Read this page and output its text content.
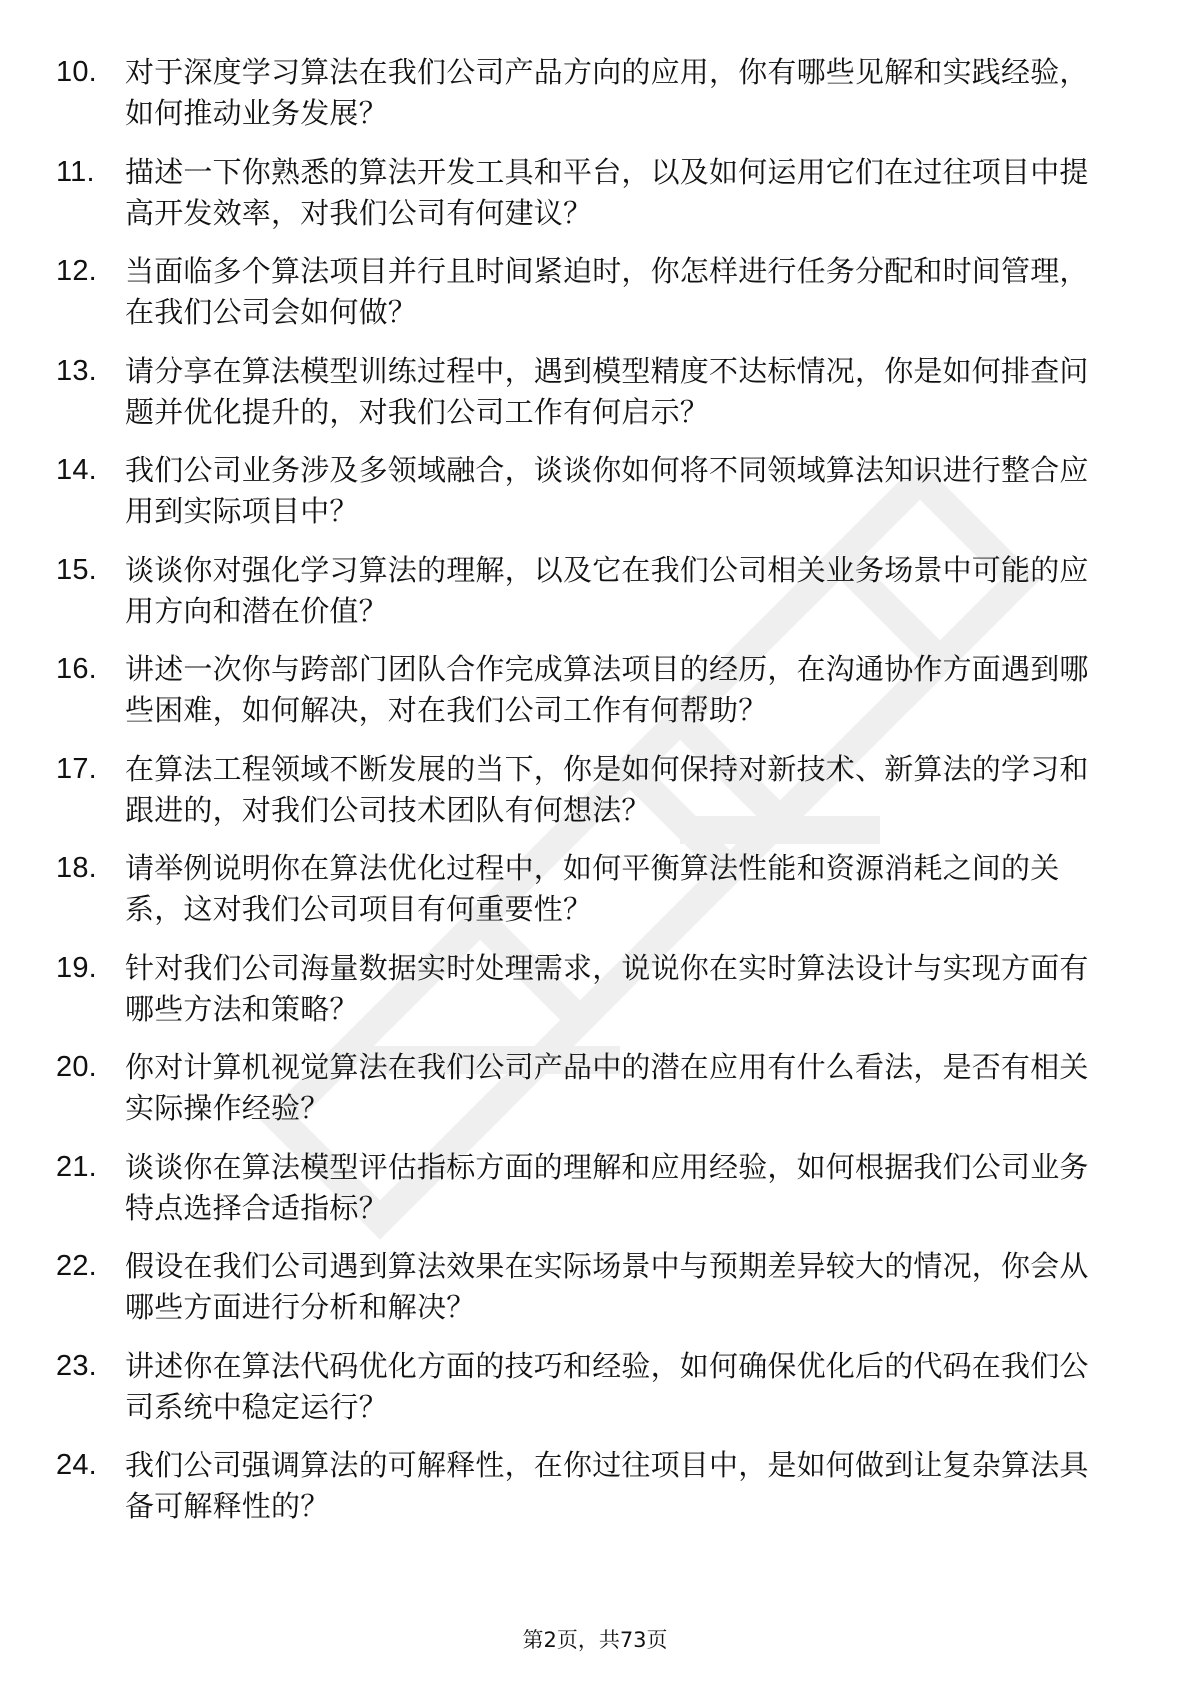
10. 对于深度学习算法在我们公司产品方向的应用，你有哪些见解和实践经验，如何推动业务发展？
11. 描述一下你熟悉的算法开发工具和平台，以及如何运用它们在过往项目中提高开发效率，对我们公司有何建议？
12. 当面临多个算法项目并行且时间紧迫时，你怎样进行任务分配和时间管理，在我们公司会如何做？
13. 请分享在算法模型训练过程中，遇到模型精度不达标情况，你是如何排查问题并优化提升的，对我们公司工作有何启示？
14. 我们公司业务涉及多领域融合，谈谈你如何将不同领域算法知识进行整合应用到实际项目中？
15. 谈谈你对强化学习算法的理解，以及它在我们公司相关业务场景中可能的应用方向和潜在价值？
16. 讲述一次你与跨部门团队合作完成算法项目的经历，在沟通协作方面遇到哪些困难，如何解决，对在我们公司工作有何帮助？
17. 在算法工程领域不断发展的当下，你是如何保持对新技术、新算法的学习和跟进的，对我们公司技术团队有何想法？
18. 请举例说明你在算法优化过程中，如何平衡算法性能和资源消耗之间的关系，这对我们公司项目有何重要性？
19. 针对我们公司海量数据实时处理需求，说说你在实时算法设计与实现方面有哪些方法和策略？
20. 你对计算机视觉算法在我们公司产品中的潜在应用有什么看法，是否有相关实际操作经验？
21. 谈谈你在算法模型评估指标方面的理解和应用经验，如何根据我们公司业务特点选择合适指标？
22. 假设在我们公司遇到算法效果在实际场景中与预期差异较大的情况，你会从哪些方面进行分析和解决？
23. 讲述你在算法代码优化方面的技巧和经验，如何确保优化后的代码在我们公司系统中稳定运行？
24. 我们公司强调算法的可解释性，在你过往项目中，是如何做到让复杂算法具备可解释性的？
第2页，共73页
